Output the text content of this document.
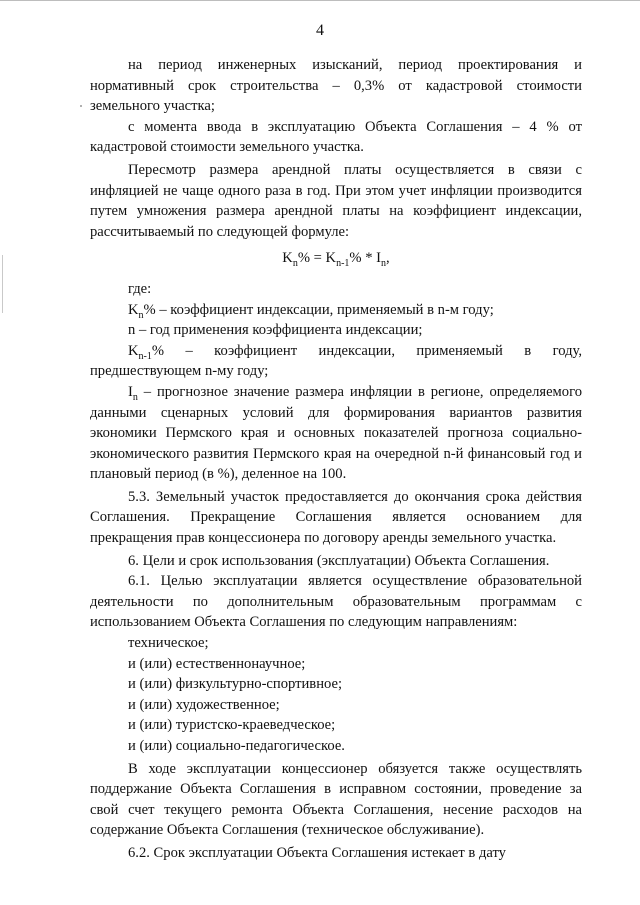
4

на период инженерных изысканий, период проектирования и нормативный срок строительства – 0,3% от кадастровой стоимости земельного участка;

с момента ввода в эксплуатацию Объекта Соглашения – 4 % от кадастровой стоимости земельного участка.

Пересмотр размера арендной платы осуществляется в связи с инфляцией не чаще одного раза в год. При этом учет инфляции производится путем умножения размера арендной платы на коэффициент индексации, рассчитываемый по следующей формуле:

$K_n\% = K_{n-1}\% * I_n$,

где:

$K_n\%$ – коэффициент индексации, применяемый в n-м году;

n – год применения коэффициента индексации;

$K_{n-1}\%$ – коэффициент индексации, применяемый в году, предшествующем n-му году;

$I_n$ – прогнозное значение размера инфляции в регионе, определяемого данными сценарных условий для формирования вариантов развития экономики Пермского края и основных показателей прогноза социально-экономического развития Пермского края на очередной n-й финансовый год и плановый период (в %), деленное на 100.

5.3. Земельный участок предоставляется до окончания срока действия Соглашения. Прекращение Соглашения является основанием для прекращения прав концессионера по договору аренды земельного участка.

6. Цели и срок использования (эксплуатации) Объекта Соглашения.

6.1. Целью эксплуатации является осуществление образовательной деятельности по дополнительным образовательным программам с использованием Объекта Соглашения по следующим направлениям:

техническое;

и (или) естественнонаучное;

и (или) физкультурно-спортивное;

и (или) художественное;

и (или) туристско-краеведческое;

и (или) социально-педагогическое.

В ходе эксплуатации концессионер обязуется также осуществлять поддержание Объекта Соглашения в исправном состоянии, проведение за свой счет текущего ремонта Объекта Соглашения, несение расходов на содержание Объекта Соглашения (техническое обслуживание).

6.2. Срок эксплуатации Объекта Соглашения истекает в дату
